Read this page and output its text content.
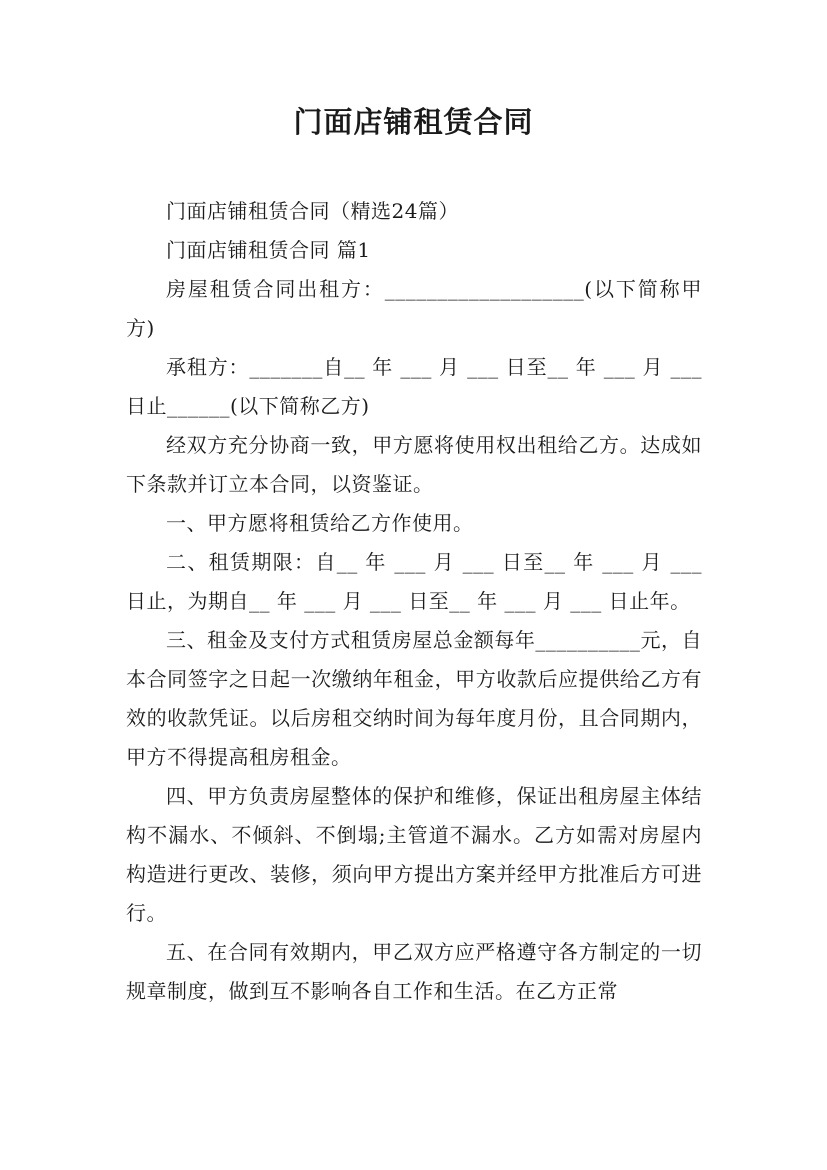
门面店铺租赁合同

门面店铺租赁合同（精选24篇）

门面店铺租赁合同 篇1

房屋租赁合同出租方：___________________(以下简称甲方)

承租方：_______自__ 年 ___ 月 ___ 日至__ 年 ___ 月 ___ 日止______(以下简称乙方)

经双方充分协商一致，甲方愿将使用权出租给乙方。达成如下条款并订立本合同，以资鉴证。

一、甲方愿将租赁给乙方作使用。

二、租赁期限：自__ 年 ___ 月 ___ 日至__ 年 ___ 月 ___ 日止，为期自__ 年 ___ 月 ___ 日至__ 年 ___ 月 ___ 日止年。

三、租金及支付方式租赁房屋总金额每年__________元，自本合同签字之日起一次缴纳年租金，甲方收款后应提供给乙方有效的收款凭证。以后房租交纳时间为每年度月份，且合同期内，甲方不得提高租房租金。

四、甲方负责房屋整体的保护和维修，保证出租房屋主体结构不漏水、不倾斜、不倒塌;主管道不漏水。乙方如需对房屋内构造进行更改、装修，须向甲方提出方案并经甲方批准后方可进行。

五、在合同有效期内，甲乙双方应严格遵守各方制定的一切规章制度，做到互不影响各自工作和生活。在乙方正常
